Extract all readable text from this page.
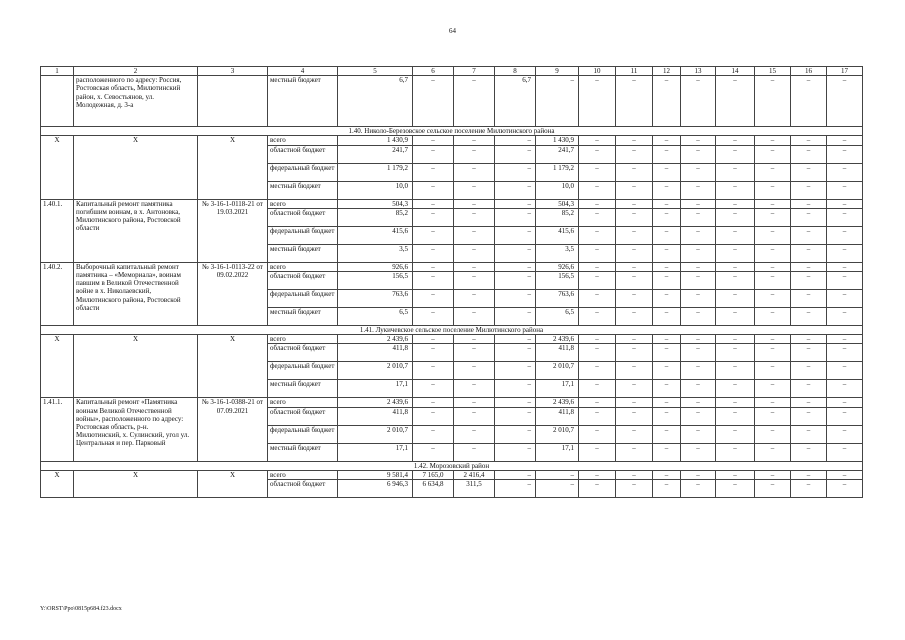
64
1	2	3	4	5	6	7	8	9	10	11	12	13	14	15	16	17
	расположенного по адресу: Россия, Ростовская область, Милютинский район, х. Севостьянов, ул. Молодежная, д. 3-а		местный бюджет	6,7	–	–	6,7	–	–	–	–	–	–	–	–	–
1.40. Николо-Березовское сельское поселение Милютинского района																
Х	Х	Х	всего	1 430,9	–	–	–	1 430,9	–	–	–	–	–	–	–	–
			областной бюджет	241,7	–	–	–	241,7	–	–	–	–	–	–	–	–
			федеральный бюджет	1 179,2	–	–	–	1 179,2	–	–	–	–	–	–	–	–
			местный бюджет	10,0	–	–	–	10,0	–	–	–	–	–	–	–	–
1.40.1.	Капитальный ремонт памятника погибшим воинам, в х. Антоновка, Милютинского района, Ростовской области	№ 3-16-1-0118-21 от 19.03.2021	всего	504,3	–	–	–	504,3	–	–	–	–	–	–	–	–
			областной бюджет	85,2	–	–	–	85,2	–	–	–	–	–	–	–	–
			федеральный бюджет	415,6	–	–	–	415,6	–	–	–	–	–	–	–	–
			местный бюджет	3,5	–	–	–	3,5	–	–	–	–	–	–	–	–
1.40.2.	Выборочный капитальный ремонт памятника – «Мемориала», воинам павшим в Великой Отечественной войне в х. Николаевский, Милютинского района, Ростовской области	№ 3-16-1-0113-22 от 09.02.2022	всего	926,6	–	–	–	926,6	–	–	–	–	–	–	–	–
			областной бюджет	156,5	–	–	–	156,5	–	–	–	–	–	–	–	–
			федеральный бюджет	763,6	–	–	–	763,6	–	–	–	–	–	–	–	–
			местный бюджет	6,5	–	–	–	6,5	–	–	–	–	–	–	–	–
1.41. Лукичевское сельское поселение Милютинского района																
Х	Х	Х	всего	2 439,6	–	–	–	2 439,6	–	–	–	–	–	–	–	–
			областной бюджет	411,8	–	–	–	411,8	–	–	–	–	–	–	–	–
			федеральный бюджет	2 010,7	–	–	–	2 010,7	–	–	–	–	–	–	–	–
			местный бюджет	17,1	–	–	–	17,1	–	–	–	–	–	–	–	–
1.41.1.	Капитальный ремонт «Памятника воинам Великой Отечественной войны», расположенного по адресу: Ростовская область, р-н. Милютинский, х. Сулинский, угол ул. Центральная и пер. Парковый	№ 3-16-1-0388-21 от 07.09.2021	всего	2 439,6	–	–	–	2 439,6	–	–	–	–	–	–	–	–
			областной бюджет	411,8	–	–	–	411,8	–	–	–	–	–	–	–	–
			федеральный бюджет	2 010,7	–	–	–	2 010,7	–	–	–	–	–	–	–	–
			местный бюджет	17,1	–	–	–	17,1	–	–	–	–	–	–	–	–
1.42. Морозовский район																
Х	Х	Х	всего	9 581,4	7 165,0	2 416,4	–	–	–	–	–	–	–	–	–	–
			областной бюджет	6 946,3	6 634,8	311,5	–	–	–	–	–	–	–	–	–	–
Y:\ORST\Ppo\0815p684.f23.docx
